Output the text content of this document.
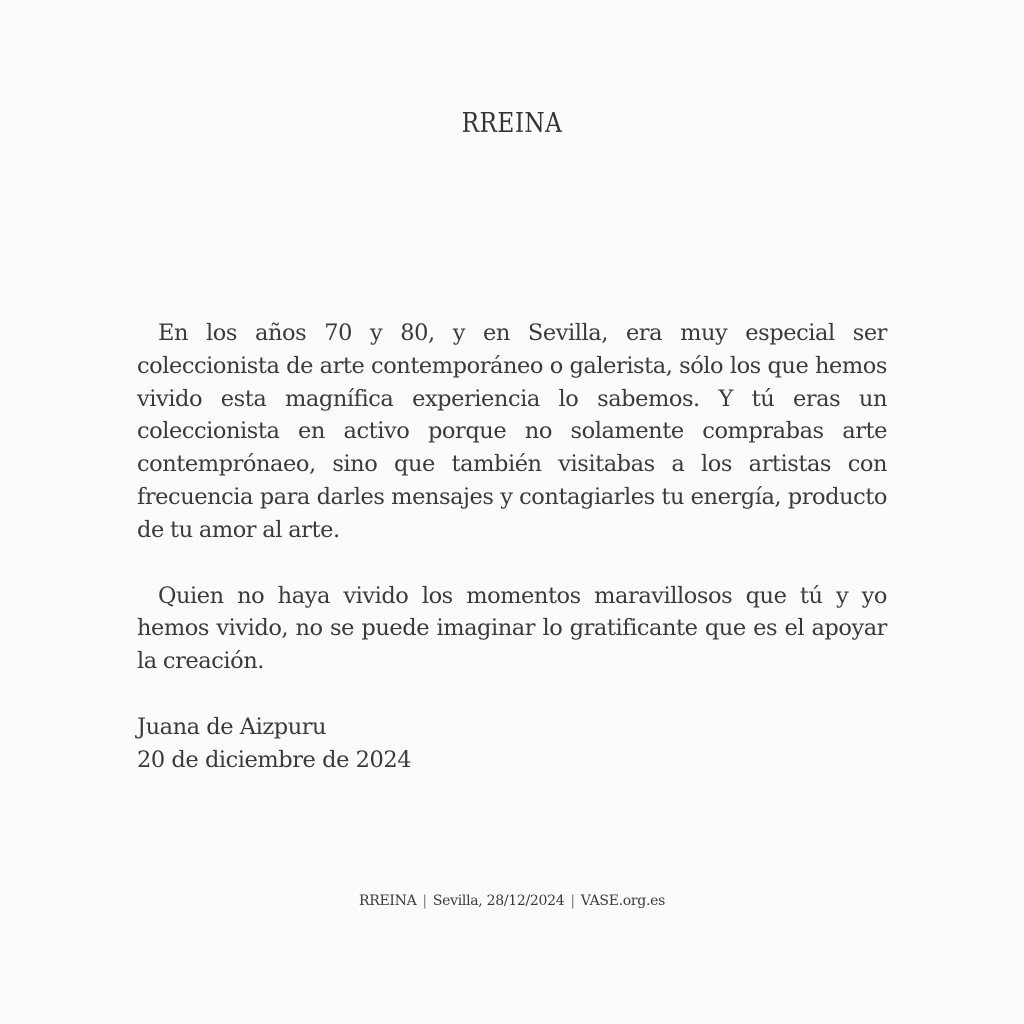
RREINA

En los años 70 y 80, y en Sevilla, era muy especial ser coleccionista de arte contemporáneo o galerista, sólo los que hemos vivido esta magnífica experiencia lo sabemos. Y tú eras un coleccionista en activo porque no solamente comprabas arte contemprónaeo, sino que también visitabas a los artistas con frecuencia para darles mensajes y contagiarles tu energía, producto de tu amor al arte.

Quien no haya vivido los momentos maravillosos que tú y yo hemos vivido, no se puede imaginar lo gratificante que es el apoyar la creación.

Juana de Aizpuru
20 de diciembre de 2024
RREINA | Sevilla, 28/12/2024 | VASE.org.es
